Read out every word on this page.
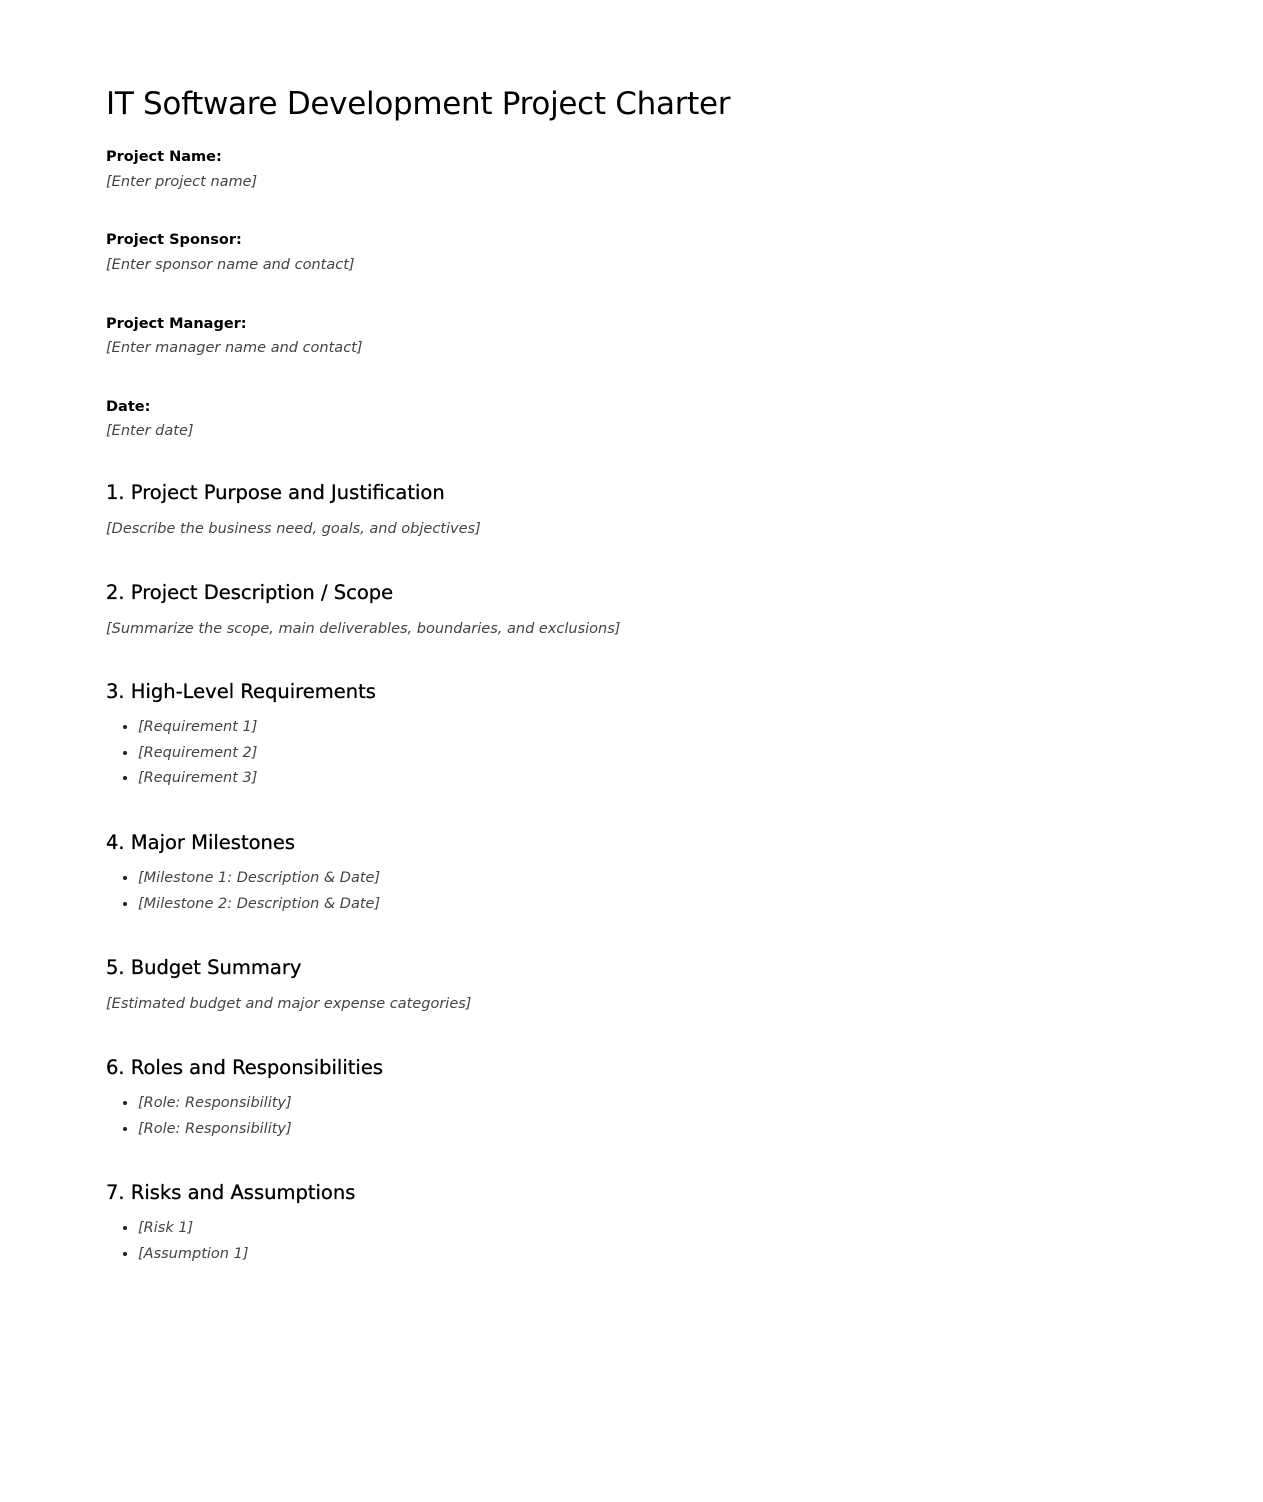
IT Software Development Project Charter
Project Name:
[Enter project name]
Project Sponsor:
[Enter sponsor name and contact]
Project Manager:
[Enter manager name and contact]
Date:
[Enter date]
1. Project Purpose and Justification
[Describe the business need, goals, and objectives]
2. Project Description / Scope
[Summarize the scope, main deliverables, boundaries, and exclusions]
3. High-Level Requirements
• [Requirement 1]
• [Requirement 2]
• [Requirement 3]
4. Major Milestones
• [Milestone 1: Description & Date]
• [Milestone 2: Description & Date]
5. Budget Summary
[Estimated budget and major expense categories]
6. Roles and Responsibilities
• [Role: Responsibility]
• [Role: Responsibility]
7. Risks and Assumptions
• [Risk 1]
• [Assumption 1]
